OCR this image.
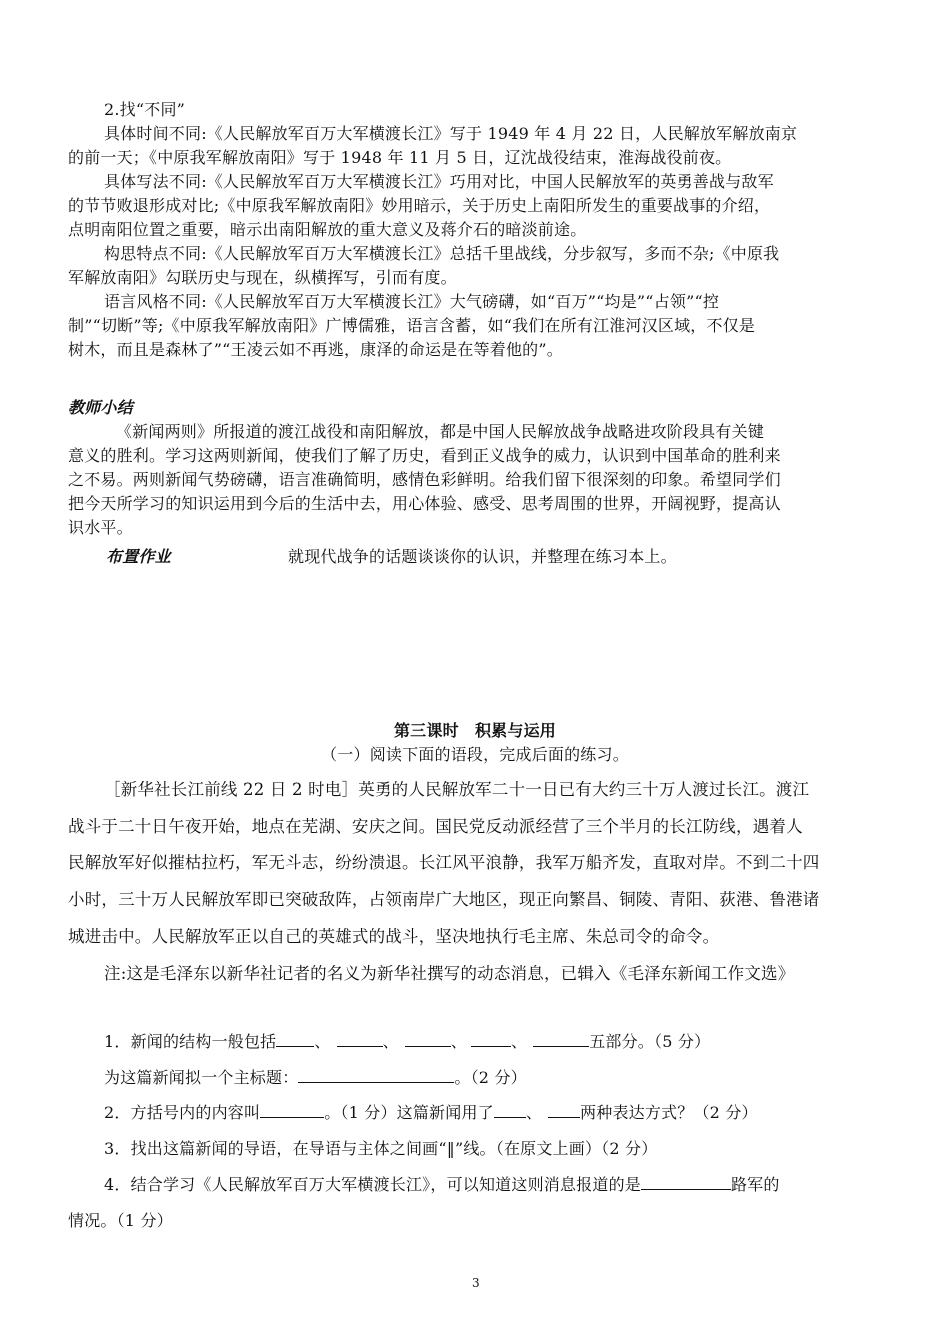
2.找“不同”
具体时间不同:《人民解放军百万大军横渡长江》写于 1949 年 4 月 22 日，人民解放军解放南京
的前一天；《中原我军解放南阳》写于 1948 年 11 月 5 日，辽沈战役结束，淮海战役前夜。
具体写法不同:《人民解放军百万大军横渡长江》巧用对比，中国人民解放军的英勇善战与敌军
的节节败退形成对比;《中原我军解放南阳》妙用暗示，关于历史上南阳所发生的重要战事的介绍，
点明南阳位置之重要，暗示出南阳解放的重大意义及蒋介石的暗淡前途。
构思特点不同:《人民解放军百万大军横渡长江》总括千里战线，分步叙写，多而不杂;《中原我
军解放南阳》勾联历史与现在，纵横挥写，引而有度。
语言风格不同:《人民解放军百万大军横渡长江》大气磅礴，如“百万”“均是”“占领”“控
制”“切断”等;《中原我军解放南阳》广博儒雅，语言含蓄，如“我们在所有江淮河汉区域，不仅是
树木，而且是森林了”“王凌云如不再逃，康泽的命运是在等着他的”。
教师小结
《新闻两则》所报道的渡江战役和南阳解放，都是中国人民解放战争战略进攻阶段具有关键
意义的胜利。学习这两则新闻，使我们了解了历史，看到正义战争的威力，认识到中国革命的胜利来
之不易。两则新闻气势磅礴，语言准确简明，感情色彩鲜明。给我们留下很深刻的印象。希望同学们
把今天所学习的知识运用到今后的生活中去，用心体验、感受、思考周围的世界，开阔视野，提高认
识水平。
布置作业	就现代战争的话题谈谈你的认识，并整理在练习本上。
第三课时　积累与运用
（一）阅读下面的语段，完成后面的练习。
［新华社长江前线 22 日 2 时电］英勇的人民解放军二十一日已有大约三十万人渡过长江。渡江
战斗于二十日午夜开始，地点在芜湖、安庆之间。国民党反动派经营了三个半月的长江防线，遇着人
民解放军好似摧枯拉朽，军无斗志，纷纷溃退。长江风平浪静，我军万船齐发，直取对岸。不到二十四
小时，三十万人民解放军即已突破敌阵，占领南岸广大地区，现正向繁昌、铜陵、青阳、荻港、鲁港诸
城进击中。人民解放军正以自己的英雄式的战斗，坚决地执行毛主席、朱总司令的命令。
注:这是毛泽东以新华社记者的名义为新华社撰写的动态消息，已辑入《毛泽东新闻工作文选》
1．新闻的结构一般包括 、	、	、	、	五部分。（5 分）
为这篇新闻拟一个主标题：	。（2 分）
2．方括号内的内容叫	。（1 分）这篇新闻用了 、 两种表达方式？（2 分）
3．找出这篇新闻的导语，在导语与主体之间画“‖”线。（在原文上画）（2 分）
4．结合学习《人民解放军百万大军横渡长江》，可以知道这则消息报道的是	路军的
情况。（1 分）
3
